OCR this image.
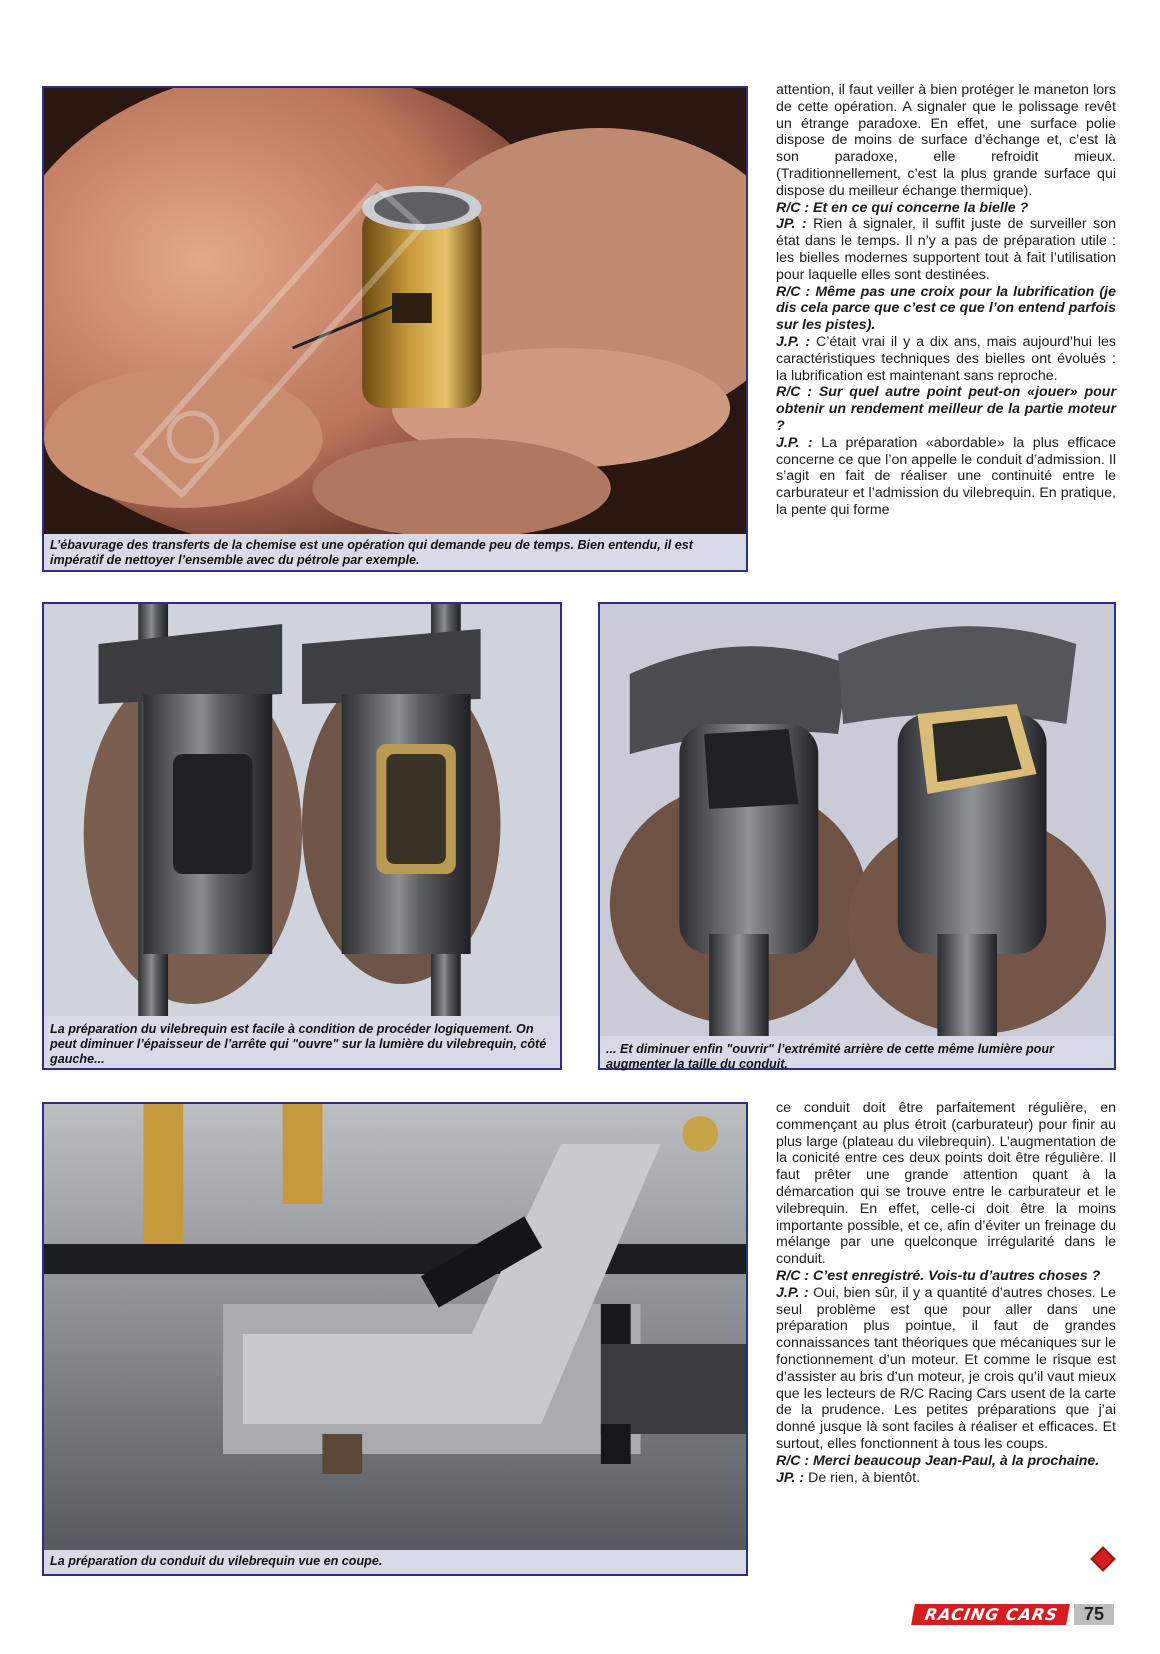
L’ébavurage des transferts de la chemise est une opération qui demande peu de temps. Bien entendu, il est impératif de nettoyer l’ensemble avec du pétrole par exemple.

attention, il faut veiller à bien protéger le maneton lors de cette opération. A signaler que le polissage revêt un étrange paradoxe. En effet, une surface polie dispose de moins de surface d’échange et, c’est là son paradoxe, elle refroidit mieux. (Traditionnellement, c’est la plus grande surface qui dispose du meilleur échange thermique).

R/C : Et en ce qui concerne la bielle ?

JP. : Rien à signaler, il suffit juste de surveiller son état dans le temps. Il n’y a pas de préparation utile : les bielles modernes supportent tout à fait l’utilisation pour laquelle elles sont destinées.

R/C : Même pas une croix pour la lubrification (je dis cela parce que c’est ce que l’on entend parfois sur les pistes).

J.P. : C’était vrai il y a dix ans, mais aujourd’hui les caractéristiques techniques des bielles ont évolués : la lubrification est maintenant sans reproche.

R/C : Sur quel autre point peut-on «jouer» pour obtenir un rendement meilleur de la partie moteur ?

J.P. : La préparation «abordable» la plus efficace concerne ce que l’on appelle le conduit d’admission. Il s’agit en fait de réaliser une continuité entre le carburateur et l’admission du vilebrequin. En pratique, la pente qui forme

La préparation du vilebrequin est facile à condition de procéder logiquement. On peut diminuer l’épaisseur de l’arrête qui "ouvre" sur la lumière du vilebrequin, côté gauche...
... Et diminuer enfin "ouvrir" l’extrémité arrière de cette même lumière pour augmenter la taille du conduit.
La préparation du conduit du vilebrequin vue en coupe.

ce conduit doit être parfaitement régulière, en commençant au plus étroit (carburateur) pour finir au plus large (plateau du vilebrequin). L’augmentation de la conicité entre ces deux points doit être régulière. Il faut prêter une grande attention quant à la démarcation qui se trouve entre le carburateur et le vilebrequin. En effet, celle-ci doit être la moins importante possible, et ce, afin d’éviter un freinage du mélange par une quelconque irrégularité dans le conduit.

R/C : C’est enregistré. Vois-tu d’autres choses ?

J.P. : Oui, bien sûr, il y a quantité d’autres choses. Le seul problème est que pour aller dans une préparation plus pointue, il faut de grandes connaissances tant théoriques que mécaniques sur le fonctionnement d’un moteur. Et comme le risque est d’assister au bris d’un moteur, je crois qu’il vaut mieux que les lecteurs de R/C Racing Cars usent de la carte de la prudence. Les petites préparations que j’ai donné jusque là sont faciles à réaliser et efficaces. Et surtout, elles fonctionnent à tous les coups.

R/C : Merci beaucoup Jean-Paul, à la prochaine.

JP. : De rien, à bientôt.

RACING CARS	75
